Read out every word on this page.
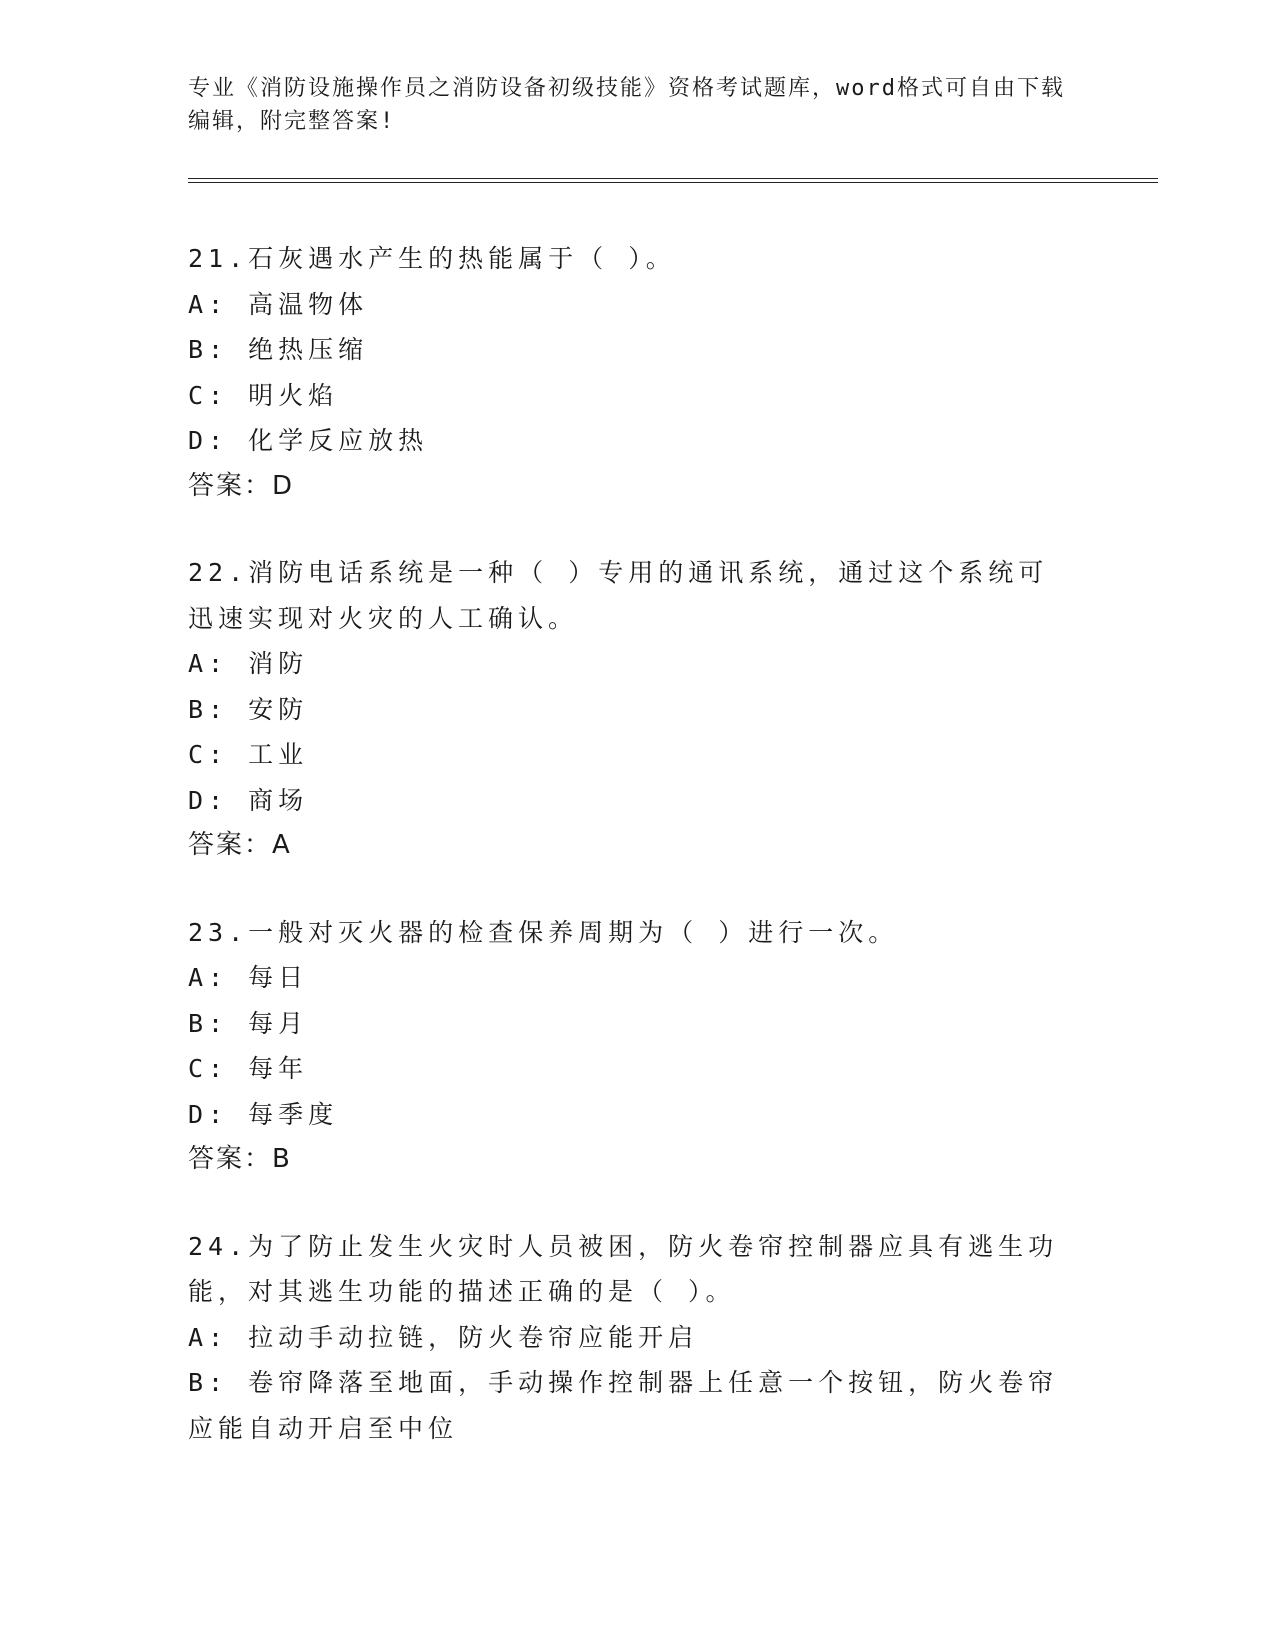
专业《消防设施操作员之消防设备初级技能》资格考试题库，word格式可自由下载编辑，附完整答案!

21.石灰遇水产生的热能属于（ ）。

A: 高温物体

B: 绝热压缩

C: 明火焰

D: 化学反应放热

答案：D

22.消防电话系统是一种（ ）专用的通讯系统，通过这个系统可迅速实现对火灾的人工确认。

A: 消防

B: 安防

C: 工业

D: 商场

答案：A

23.一般对灭火器的检查保养周期为（ ）进行一次。

A: 每日

B: 每月

C: 每年

D: 每季度

答案：B

24.为了防止发生火灾时人员被困，防火卷帘控制器应具有逃生功能，对其逃生功能的描述正确的是（ ）。

A: 拉动手动拉链，防火卷帘应能开启

B: 卷帘降落至地面，手动操作控制器上任意一个按钮，防火卷帘应能自动开启至中位
